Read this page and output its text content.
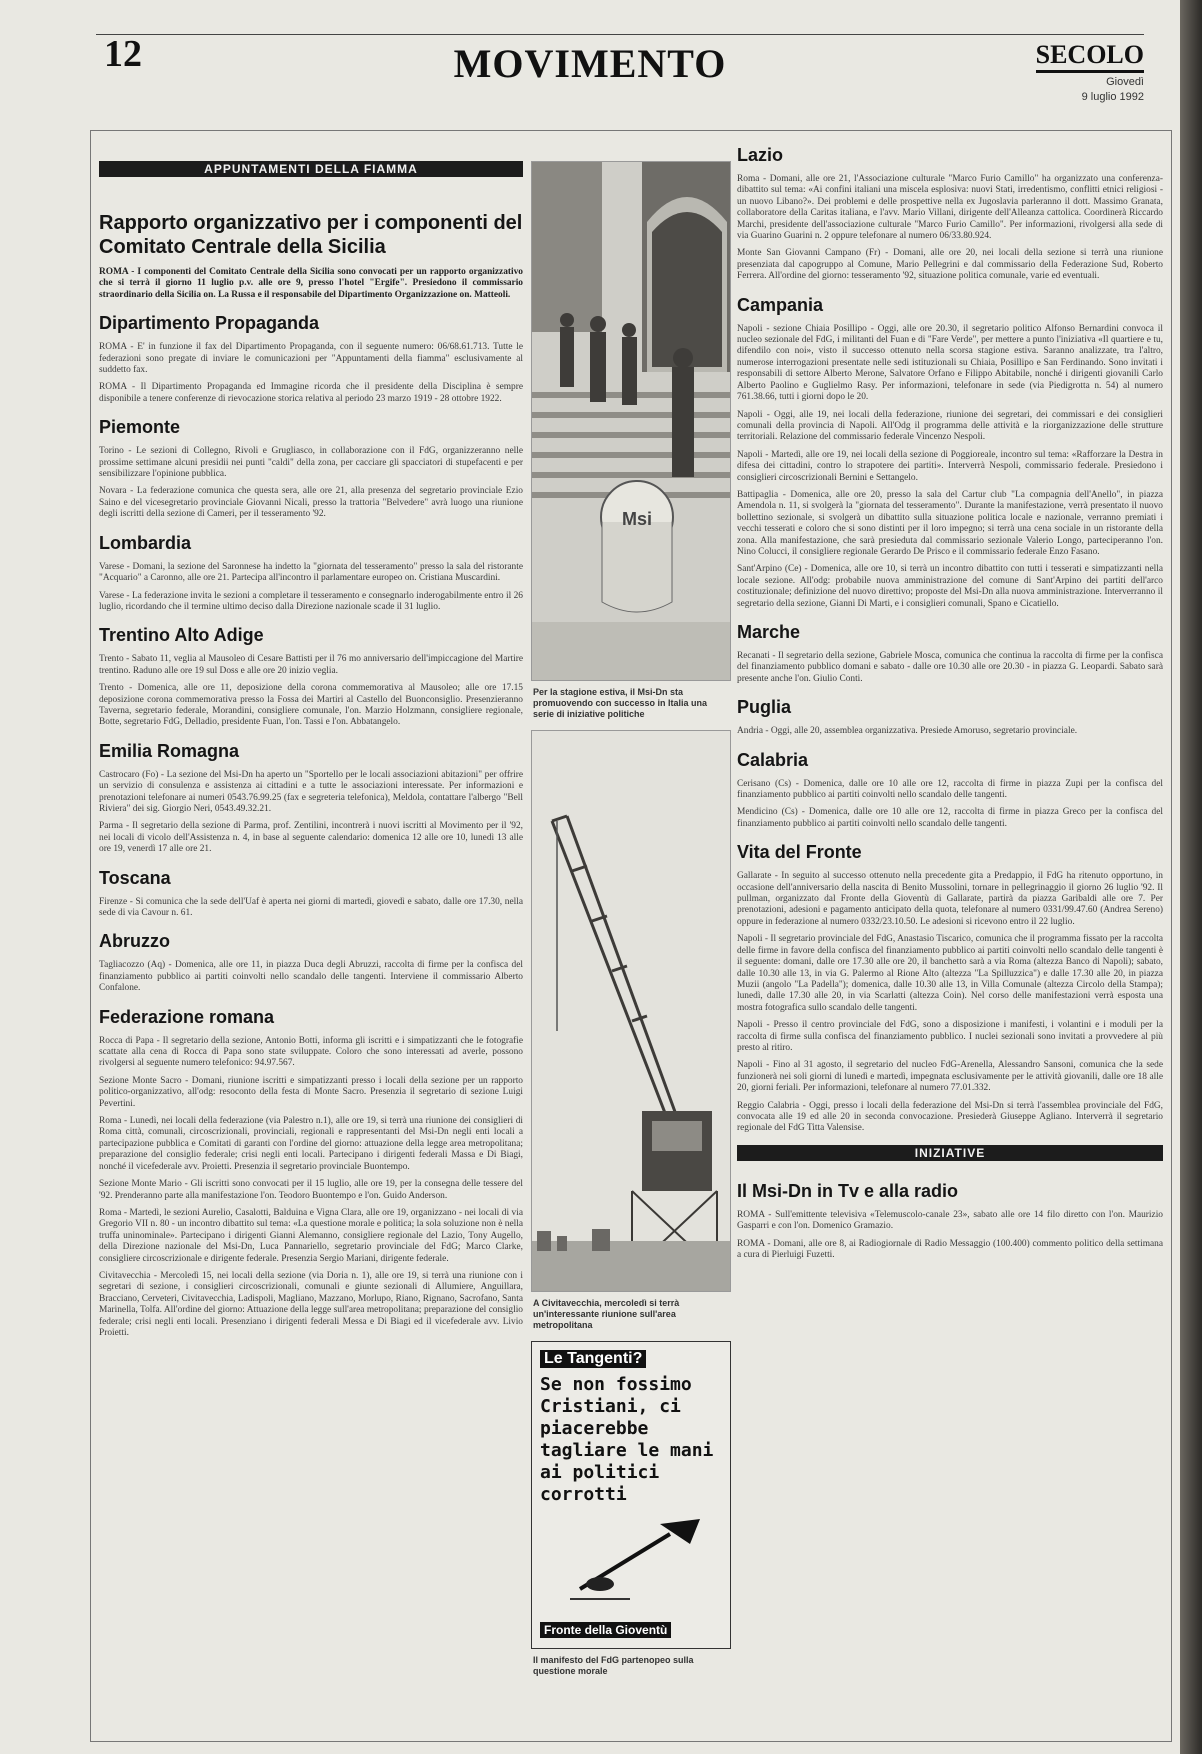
12	MOVIMENTO	SECOLO
Giovedì
9 luglio 1992
APPUNTAMENTI DELLA FIAMMA
Rapporto organizzativo per i componenti del Comitato Centrale della Sicilia

ROMA - I componenti del Comitato Centrale della Sicilia sono convocati per un rapporto organizzativo che si terrà il giorno 11 luglio p.v. alle ore 9, presso l'hotel "Ergife". Presiedono il commissario straordinario della Sicilia on. La Russa e il responsabile del Dipartimento Organizzazione on. Matteoli.

Dipartimento Propaganda

ROMA - E' in funzione il fax del Dipartimento Propaganda, con il seguente numero: 06/68.61.713. Tutte le federazioni sono pregate di inviare le comunicazioni per "Appuntamenti della fiamma" esclusivamente al suddetto fax.

ROMA - Il Dipartimento Propaganda ed Immagine ricorda che il presidente della Disciplina è sempre disponibile a tenere conferenze di rievocazione storica relativa al periodo 23 marzo 1919 - 28 ottobre 1922.

Piemonte

Torino - Le sezioni di Collegno, Rivoli e Grugliasco, in collaborazione con il FdG, organizzeranno nelle prossime settimane alcuni presidii nei punti "caldi" della zona, per cacciare gli spacciatori di stupefacenti e per sensibilizzare l'opinione pubblica.

Novara - La federazione comunica che questa sera, alle ore 21, alla presenza del segretario provinciale Ezio Saino e del vicesegretario provinciale Giovanni Nicali, presso la trattoria "Belvedere" avrà luogo una riunione degli iscritti della sezione di Cameri, per il tesseramento '92.

Lombardia

Varese - Domani, la sezione del Saronnese ha indetto la "giornata del tesseramento" presso la sala del ristorante "Acquario" a Caronno, alle ore 21. Partecipa all'incontro il parlamentare europeo on. Cristiana Muscardini.

Varese - La federazione invita le sezioni a completare il tesseramento e consegnarlo inderogabilmente entro il 26 luglio, ricordando che il termine ultimo deciso dalla Direzione nazionale scade il 31 luglio.

Trentino Alto Adige

Trento - Sabato 11, veglia al Mausoleo di Cesare Battisti per il 76 mo anniversario dell'impiccagione del Martire trentino. Raduno alle ore 19 sul Doss e alle ore 20 inizio veglia.

Trento - Domenica, alle ore 11, deposizione della corona commemorativa al Mausoleo; alle ore 17.15 deposizione corona commemorativa presso la Fossa dei Martiri al Castello del Buonconsiglio. Presenzieranno Taverna, segretario federale, Morandini, consigliere comunale, l'on. Marzio Holzmann, consigliere regionale, Botte, segretario FdG, Delladio, presidente Fuan, l'on. Tassi e l'on. Abbatangelo.

Emilia Romagna

Castrocaro (Fo) - La sezione del Msi-Dn ha aperto un "Sportello per le locali associazioni abitazioni" per offrire un servizio di consulenza e assistenza ai cittadini e a tutte le associazioni interessate. Per informazioni e prenotazioni telefonare ai numeri 0543.76.99.25 (fax e segreteria telefonica), Meldola, contattare l'albergo "Bell Riviera" dei sig. Giorgio Neri, 0543.49.32.21.

Parma - Il segretario della sezione di Parma, prof. Zentilini, incontrerà i nuovi iscritti al Movimento per il '92, nei locali di vicolo dell'Assistenza n. 4, in base al seguente calendario: domenica 12 alle ore 10, lunedì 13 alle ore 19, venerdì 17 alle ore 21.

Toscana

Firenze - Si comunica che la sede dell'Uaf è aperta nei giorni di martedì, giovedì e sabato, dalle ore 17.30, nella sede di via Cavour n. 61.

Abruzzo

Tagliacozzo (Aq) - Domenica, alle ore 11, in piazza Duca degli Abruzzi, raccolta di firme per la confisca del finanziamento pubblico ai partiti coinvolti nello scandalo delle tangenti. Interviene il commissario Alberto Confalone.

Federazione romana

Rocca di Papa - Il segretario della sezione, Antonio Botti, informa gli iscritti e i simpatizzanti che le fotografie scattate alla cena di Rocca di Papa sono state sviluppate. Coloro che sono interessati ad averle, possono rivolgersi al seguente numero telefonico: 94.97.567.

Sezione Monte Sacro - Domani, riunione iscritti e simpatizzanti presso i locali della sezione per un rapporto politico-organizzativo, all'odg: resoconto della festa di Monte Sacro. Presenzia il segretario di sezione Luigi Pevertini.

Roma - Lunedì, nei locali della federazione (via Palestro n.1), alle ore 19, si terrà una riunione dei consiglieri di Roma città, comunali, circoscrizionali, provinciali, regionali e rappresentanti del Msi-Dn negli enti locali a partecipazione pubblica e Comitati di garanti con l'ordine del giorno: attuazione della legge area metropolitana; preparazione del consiglio federale; crisi negli enti locali. Partecipano i dirigenti federali Massa e Di Biagi, nonché il vicefederale avv. Proietti. Presenzia il segretario provinciale Buontempo.

Sezione Monte Mario - Gli iscritti sono convocati per il 15 luglio, alle ore 19, per la consegna delle tessere del '92. Prenderanno parte alla manifestazione l'on. Teodoro Buontempo e l'on. Guido Anderson.

Roma - Martedì, le sezioni Aurelio, Casalotti, Balduina e Vigna Clara, alle ore 19, organizzano - nei locali di via Gregorio VII n. 80 - un incontro dibattito sul tema: «La questione morale e politica; la sola soluzione non è nella truffa uninominale». Partecipano i dirigenti Gianni Alemanno, consigliere regionale del Lazio, Tony Augello, della Direzione nazionale del Msi-Dn, Luca Pannariello, segretario provinciale del FdG; Marco Clarke, consigliere circoscrizionale e dirigente federale. Presenzia Sergio Mariani, dirigente federale.

Civitavecchia - Mercoledì 15, nei locali della sezione (via Doria n. 1), alle ore 19, si terrà una riunione con i segretari di sezione, i consiglieri circoscrizionali, comunali e giunte sezionali di Allumiere, Anguillara, Bracciano, Cerveteri, Civitavecchia, Ladispoli, Magliano, Mazzano, Morlupo, Riano, Rignano, Sacrofano, Santa Marinella, Tolfa. All'ordine del giorno: Attuazione della legge sull'area metropolitana; preparazione del consiglio federale; crisi negli enti locali. Presenziano i dirigenti federali Messa e Di Biagi ed il vicefederale avv. Livio Proietti.

Msi
Per la stagione estiva, il Msi-Dn sta promuovendo con successo in Italia una serie di iniziative politiche
A Civitavecchia, mercoledì si terrà un'interessante riunione sull'area metropolitana
Le Tangenti?
Se non fossimo Cristiani, ci piacerebbe tagliare le mani ai politici corrotti
Fronte della Gioventù
Il manifesto del FdG partenopeo sulla questione morale
Lazio

Roma - Domani, alle ore 21, l'Associazione culturale "Marco Furio Camillo" ha organizzato una conferenza-dibattito sul tema: «Ai confini italiani una miscela esplosiva: nuovi Stati, irredentismo, conflitti etnici religiosi - un nuovo Libano?». Dei problemi e delle prospettive nella ex Jugoslavia parleranno il dott. Massimo Granata, collaboratore della Caritas italiana, e l'avv. Mario Villani, dirigente dell'Alleanza cattolica. Coordinerà Riccardo Marchi, presidente dell'associazione culturale "Marco Furio Camillo". Per informazioni, rivolgersi alla sede di via Guarino Guarini n. 2 oppure telefonare al numero 06/33.80.924.

Monte San Giovanni Campano (Fr) - Domani, alle ore 20, nei locali della sezione si terrà una riunione presenziata dal capogruppo al Comune, Mario Pellegrini e dal commissario della Federazione Sud, Roberto Ferrera. All'ordine del giorno: tesseramento '92, situazione politica comunale, varie ed eventuali.

Campania

Napoli - sezione Chiaia Posillipo - Oggi, alle ore 20.30, il segretario politico Alfonso Bernardini convoca il nucleo sezionale del FdG, i militanti del Fuan e di "Fare Verde", per mettere a punto l'iniziativa «Il quartiere e tu, difendilo con noi», visto il successo ottenuto nella scorsa stagione estiva. Saranno analizzate, tra l'altro, numerose interrogazioni presentate nelle sedi istituzionali su Chiaia, Posillipo e San Ferdinando. Sono invitati i responsabili di settore Alberto Merone, Salvatore Orfano e Filippo Abitabile, nonché i dirigenti giovanili Carlo Alberto Paolino e Guglielmo Rasy. Per informazioni, telefonare in sede (via Piedigrotta n. 54) al numero 761.38.66, tutti i giorni dopo le 20.

Napoli - Oggi, alle 19, nei locali della federazione, riunione dei segretari, dei commissari e dei consiglieri comunali della provincia di Napoli. All'Odg il programma delle attività e la riorganizzazione delle strutture territoriali. Relazione del commissario federale Vincenzo Nespoli.

Napoli - Martedì, alle ore 19, nei locali della sezione di Poggioreale, incontro sul tema: «Rafforzare la Destra in difesa dei cittadini, contro lo strapotere dei partiti». Interverrà Nespoli, commissario federale. Presiedono i consiglieri circoscrizionali Bernini e Settangelo.

Battipaglia - Domenica, alle ore 20, presso la sala del Cartur club "La compagnia dell'Anello", in piazza Amendola n. 11, si svolgerà la "giornata del tesseramento". Durante la manifestazione, verrà presentato il nuovo bollettino sezionale, si svolgerà un dibattito sulla situazione politica locale e nazionale, verranno premiati i vecchi tesserati e coloro che si sono distinti per il loro impegno; si terrà una cena sociale in un ristorante della zona. Alla manifestazione, che sarà presieduta dal commissario sezionale Valerio Longo, parteciperanno l'on. Nino Colucci, il consigliere regionale Gerardo De Prisco e il commissario federale Enzo Fasano.

Sant'Arpino (Ce) - Domenica, alle ore 10, si terrà un incontro dibattito con tutti i tesserati e simpatizzanti nella locale sezione. All'odg: probabile nuova amministrazione del comune di Sant'Arpino dei partiti dell'arco costituzionale; definizione del nuovo direttivo; proposte del Msi-Dn alla nuova amministrazione. Interverranno il segretario della sezione, Gianni Di Marti, e i consiglieri comunali, Spano e Cicatiello.

Marche

Recanati - Il segretario della sezione, Gabriele Mosca, comunica che continua la raccolta di firme per la confisca del finanziamento pubblico domani e sabato - dalle ore 10.30 alle ore 20.30 - in piazza G. Leopardi. Sabato sarà presente anche l'on. Giulio Conti.

Puglia

Andria - Oggi, alle 20, assemblea organizzativa. Presiede Amoruso, segretario provinciale.

Calabria

Cerisano (Cs) - Domenica, dalle ore 10 alle ore 12, raccolta di firme in piazza Zupi per la confisca del finanziamento pubblico ai partiti coinvolti nello scandalo delle tangenti.

Mendicino (Cs) - Domenica, dalle ore 10 alle ore 12, raccolta di firme in piazza Greco per la confisca del finanziamento pubblico ai partiti coinvolti nello scandalo delle tangenti.

Vita del Fronte

Gallarate - In seguito al successo ottenuto nella precedente gita a Predappio, il FdG ha ritenuto opportuno, in occasione dell'anniversario della nascita di Benito Mussolini, tornare in pellegrinaggio il giorno 26 luglio '92. Il pullman, organizzato dal Fronte della Gioventù di Gallarate, partirà da piazza Garibaldi alle ore 7. Per prenotazioni, adesioni e pagamento anticipato della quota, telefonare al numero 0331/99.47.60 (Andrea Sereno) oppure in federazione al numero 0332/23.10.50. Le adesioni si ricevono entro il 22 luglio.

Napoli - Il segretario provinciale del FdG, Anastasio Tiscarico, comunica che il programma fissato per la raccolta delle firme in favore della confisca del finanziamento pubblico ai partiti coinvolti nello scandalo delle tangenti è il seguente: domani, dalle ore 17.30 alle ore 20, il banchetto sarà a via Roma (altezza Banco di Napoli); sabato, dalle 10.30 alle 13, in via G. Palermo al Rione Alto (altezza "La Spilluzzica") e dalle 17.30 alle 20, in piazza Muzii (angolo "La Padella"); domenica, dalle 10.30 alle 13, in Villa Comunale (altezza Circolo della Stampa); lunedì, dalle 17.30 alle 20, in via Scarlatti (altezza Coin). Nel corso delle manifestazioni verrà esposta una mostra fotografica sullo scandalo delle tangenti.

Napoli - Presso il centro provinciale del FdG, sono a disposizione i manifesti, i volantini e i moduli per la raccolta di firme sulla confisca del finanziamento pubblico. I nuclei sezionali sono invitati a provvedere al più presto al ritiro.

Napoli - Fino al 31 agosto, il segretario del nucleo FdG-Arenella, Alessandro Sansoni, comunica che la sede funzionerà nei soli giorni di lunedì e martedì, impegnata esclusivamente per le attività giovanili, dalle ore 18 alle 20, giorni feriali. Per informazioni, telefonare al numero 77.01.332.

Reggio Calabria - Oggi, presso i locali della federazione del Msi-Dn si terrà l'assemblea provinciale del FdG, convocata alle 19 ed alle 20 in seconda convocazione. Presiederà Giuseppe Agliano. Interverrà il segretario regionale del FdG Titta Valensise.

INIZIATIVE
Il Msi-Dn in Tv e alla radio

ROMA - Sull'emittente televisiva «Telemuscolo-canale 23», sabato alle ore 14 filo diretto con l'on. Maurizio Gasparri e con l'on. Domenico Gramazio.

ROMA - Domani, alle ore 8, ai Radiogiornale di Radio Messaggio (100.400) commento politico della settimana a cura di Pierluigi Fuzetti.
